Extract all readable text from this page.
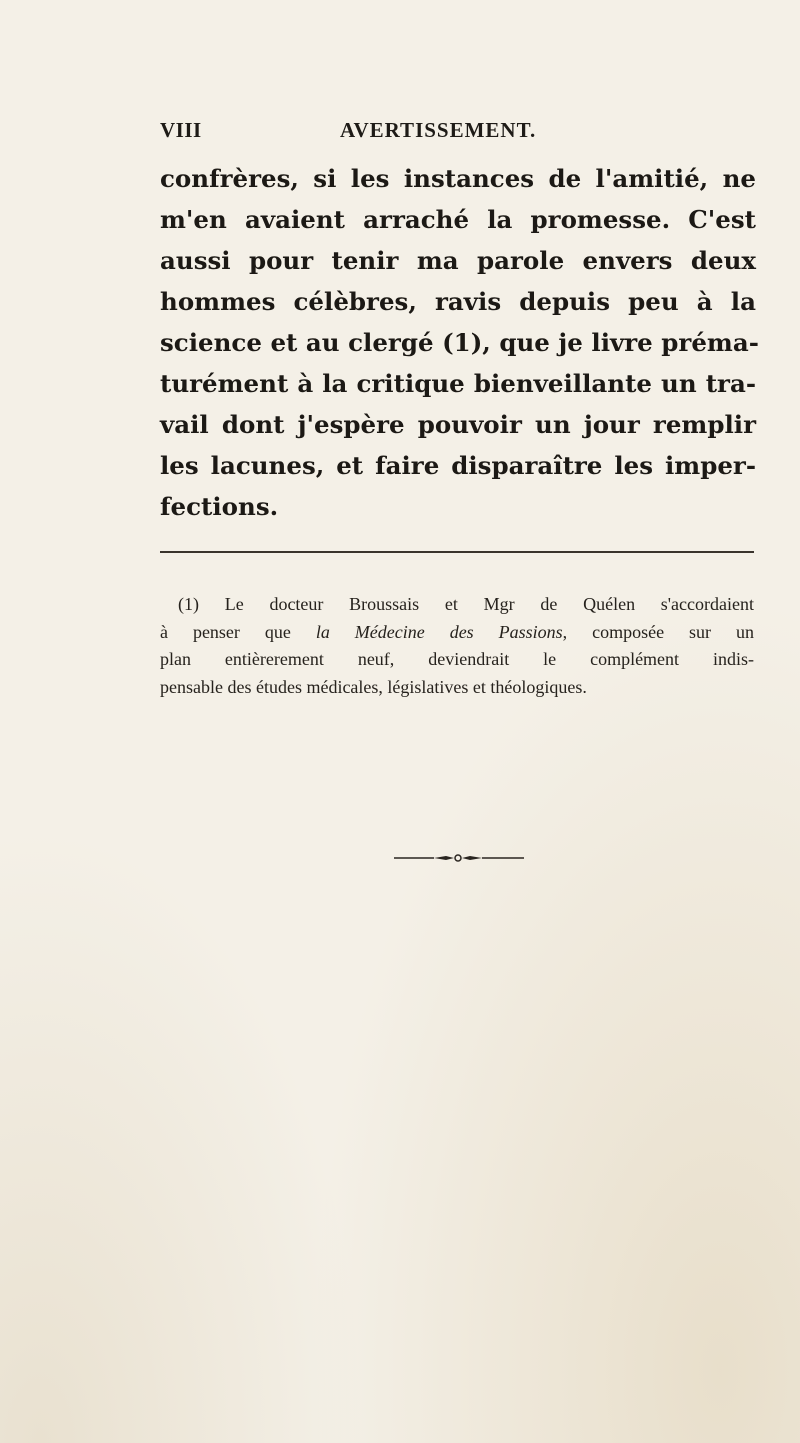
VIII	AVERTISSEMENT.
confrères, si les instances de l'amitié, ne
m'en avaient arraché la promesse. C'est
aussi pour tenir ma parole envers deux
hommes célèbres, ravis depuis peu à la
science et au clergé (1), que je livre préma-
turément à la critique bienveillante un tra-
vail dont j'espère pouvoir un jour remplir
les lacunes, et faire disparaître les imper-
fections.
(1) Le docteur Broussais et Mgr de Quélen s'accordaient
à penser que la Médecine des Passions, composée sur un
plan entièrerement neuf, deviendrait le complément indis-
pensable des études médicales, législatives et théologiques.
